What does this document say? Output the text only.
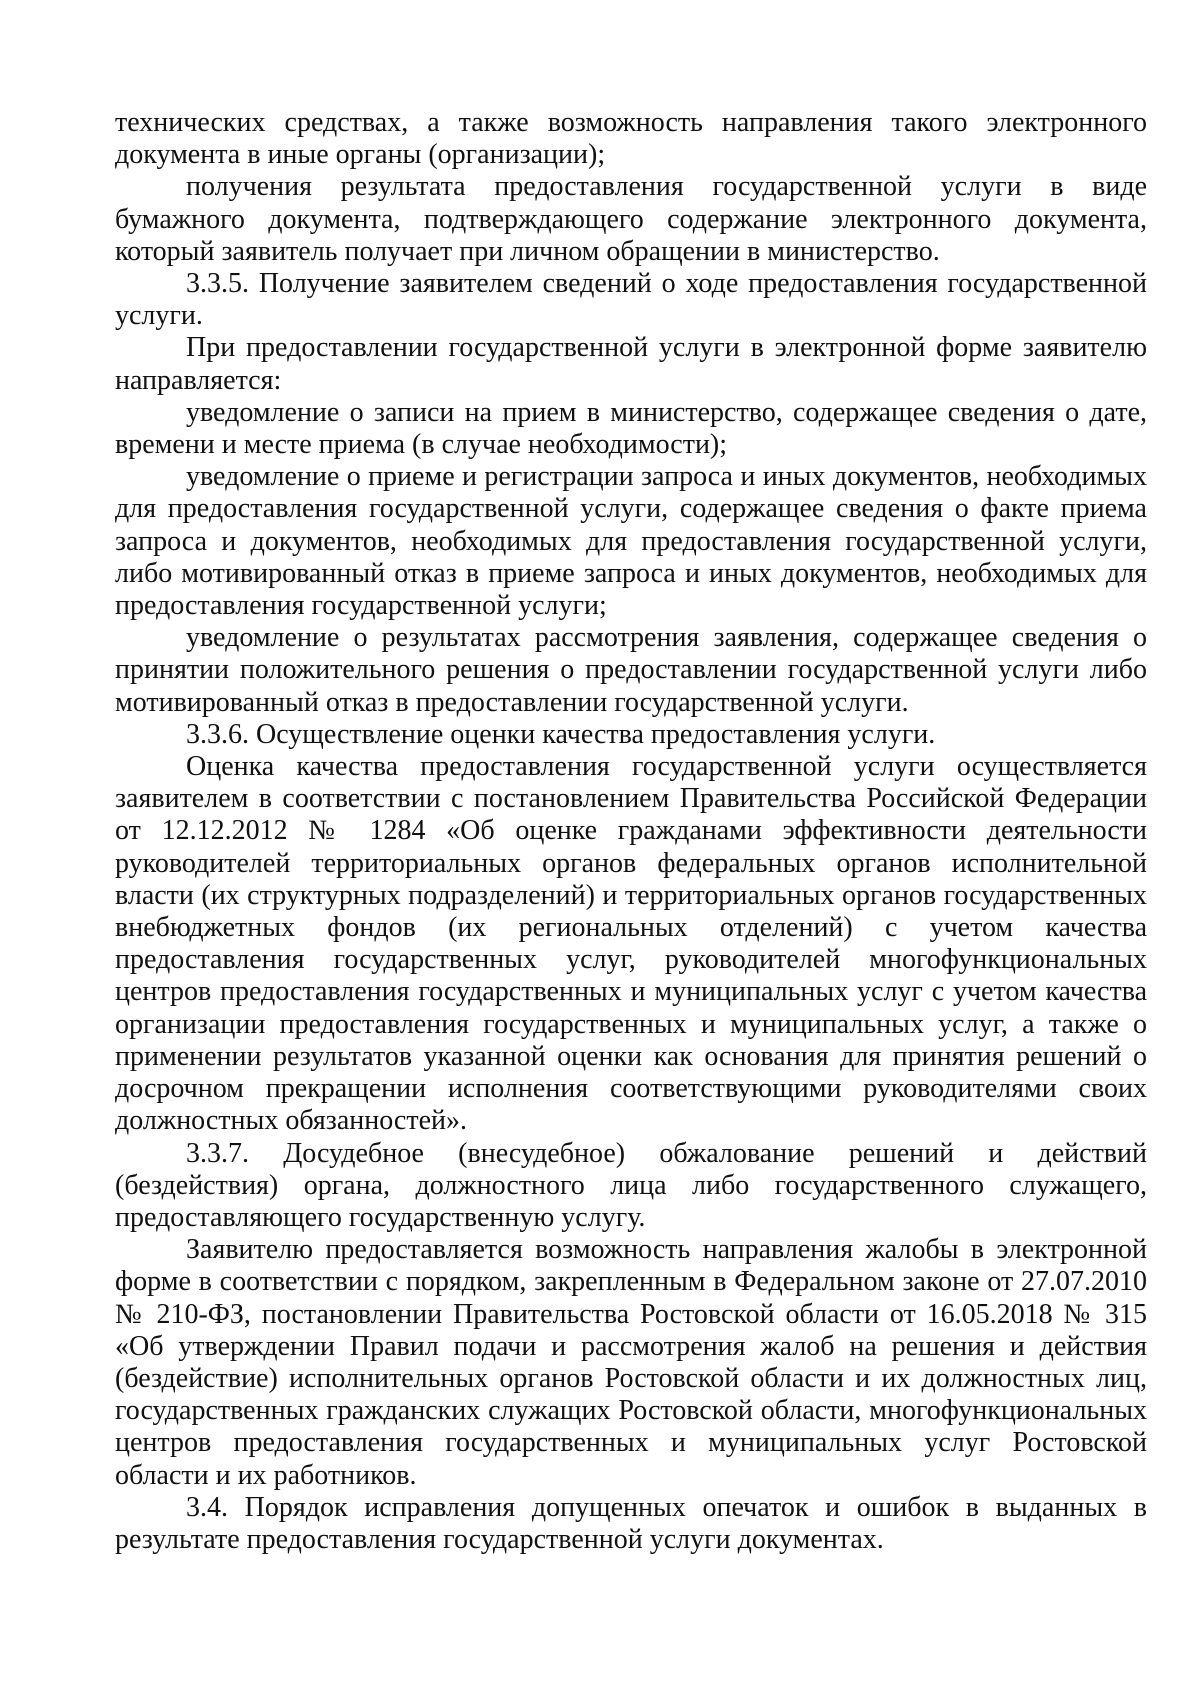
технических средствах, а также возможность направления такого электронного документа в иные органы (организации);

получения результата предоставления государственной услуги в виде бумажного документа, подтверждающего содержание электронного документа, который заявитель получает при личном обращении в министерство.

3.3.5. Получение заявителем сведений о ходе предоставления государственной услуги.

При предоставлении государственной услуги в электронной форме заявителю направляется:

уведомление о записи на прием в министерство, содержащее сведения о дате, времени и месте приема (в случае необходимости);

уведомление о приеме и регистрации запроса и иных документов, необходимых для предоставления государственной услуги, содержащее сведения о факте приема запроса и документов, необходимых для предоставления государственной услуги, либо мотивированный отказ в приеме запроса и иных документов, необходимых для предоставления государственной услуги;

уведомление о результатах рассмотрения заявления, содержащее сведения о принятии положительного решения о предоставлении государственной услуги либо мотивированный отказ в предоставлении государственной услуги.

3.3.6. Осуществление оценки качества предоставления услуги.

Оценка качества предоставления государственной услуги осуществляется заявителем в соответствии с постановлением Правительства Российской Федерации от 12.12.2012 № 1284 «Об оценке гражданами эффективности деятельности руководителей территориальных органов федеральных органов исполнительной власти (их структурных подразделений) и территориальных органов государственных внебюджетных фондов (их региональных отделений) с учетом качества предоставления государственных услуг, руководителей многофункциональных центров предоставления государственных и муниципальных услуг с учетом качества организации предоставления государственных и муниципальных услуг, а также о применении результатов указанной оценки как основания для принятия решений о досрочном прекращении исполнения соответствующими руководителями своих должностных обязанностей».

3.3.7. Досудебное (внесудебное) обжалование решений и действий (бездействия) органа, должностного лица либо государственного служащего, предоставляющего государственную услугу.

Заявителю предоставляется возможность направления жалобы в электронной форме в соответствии с порядком, закрепленным в Федеральном законе от 27.07.2010 № 210-ФЗ, постановлении Правительства Ростовской области от 16.05.2018 № 315 «Об утверждении Правил подачи и рассмотрения жалоб на решения и действия (бездействие) исполнительных органов Ростовской области и их должностных лиц, государственных гражданских служащих Ростовской области, многофункциональных центров предоставления государственных и муниципальных услуг Ростовской области и их работников.

3.4. Порядок исправления допущенных опечаток и ошибок в выданных в результате предоставления государственной услуги документах.
